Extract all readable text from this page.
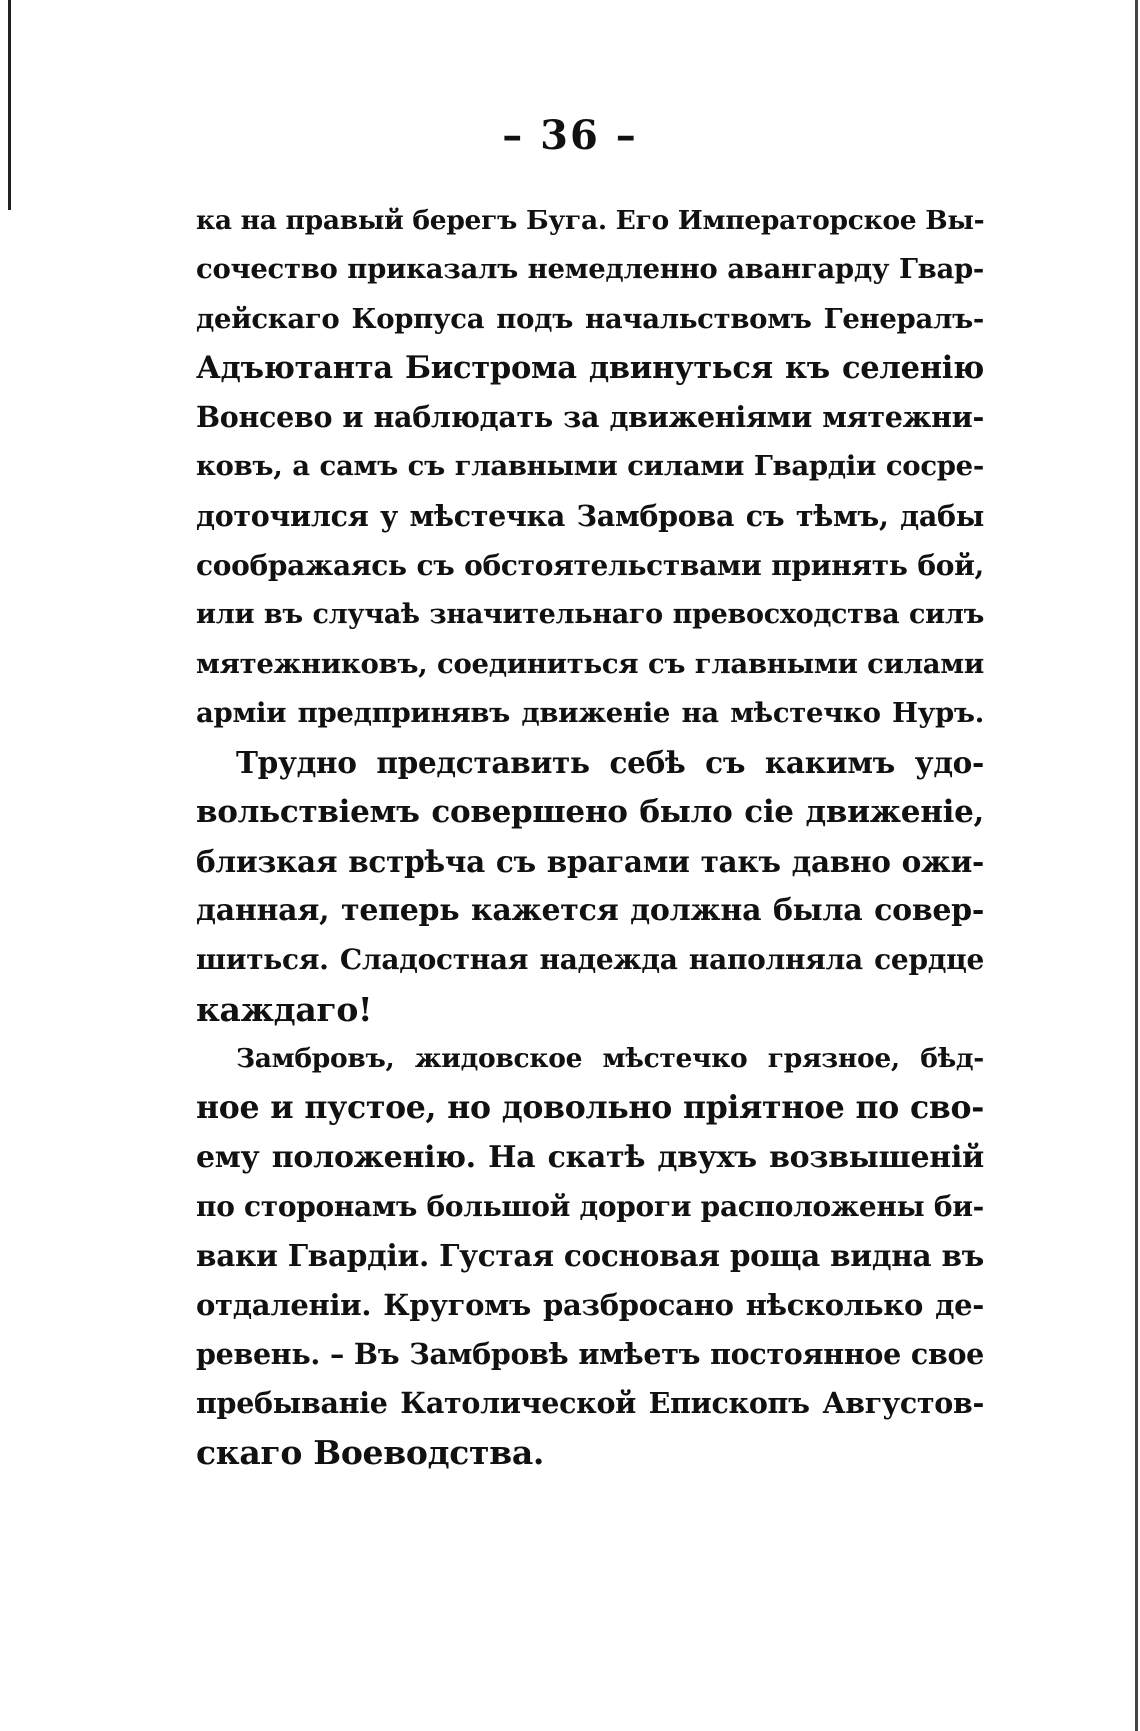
– 36 –
ка на правый берегъ Буга. Его Императорское Вы-
сочество приказалъ немедленно авангарду Гвар-
дейскаго Корпуса подъ начальствомъ Генералъ-
Адъютанта Бистрома двинуться къ селенію
Вонсево и наблюдать за движеніями мятежни-
ковъ, а самъ съ главными силами Гвардіи сосре-
доточился у мѣстечка Замброва съ тѣмъ, дабы
соображаясь съ обстоятельствами принять бой,
или въ случаѣ значительнаго превосходства силъ
мятежниковъ, соединиться съ главными силами
арміи предпринявъ движеніе на мѣстечко Нуръ.
Трудно представить себѣ съ какимъ удо-
вольствіемъ совершено было сіе движеніе,
близкая встрѣча съ врагами такъ давно ожи-
данная, теперь кажется должна была совер-
шиться. Сладостная надежда наполняла сердце
каждаго!
Замбровъ, жидовское мѣстечко грязное, бѣд-
ное и пустое, но довольно пріятное по сво-
ему положенію. На скатѣ двухъ возвышеній
по сторонамъ большой дороги расположены би-
ваки Гвардіи. Густая сосновая роща видна въ
отдаленіи. Кругомъ разбросано нѣсколько де-
ревень. – Въ Замбровѣ имѣетъ постоянное свое
пребываніе Католической Епископъ Августов-
скаго Воеводства.
